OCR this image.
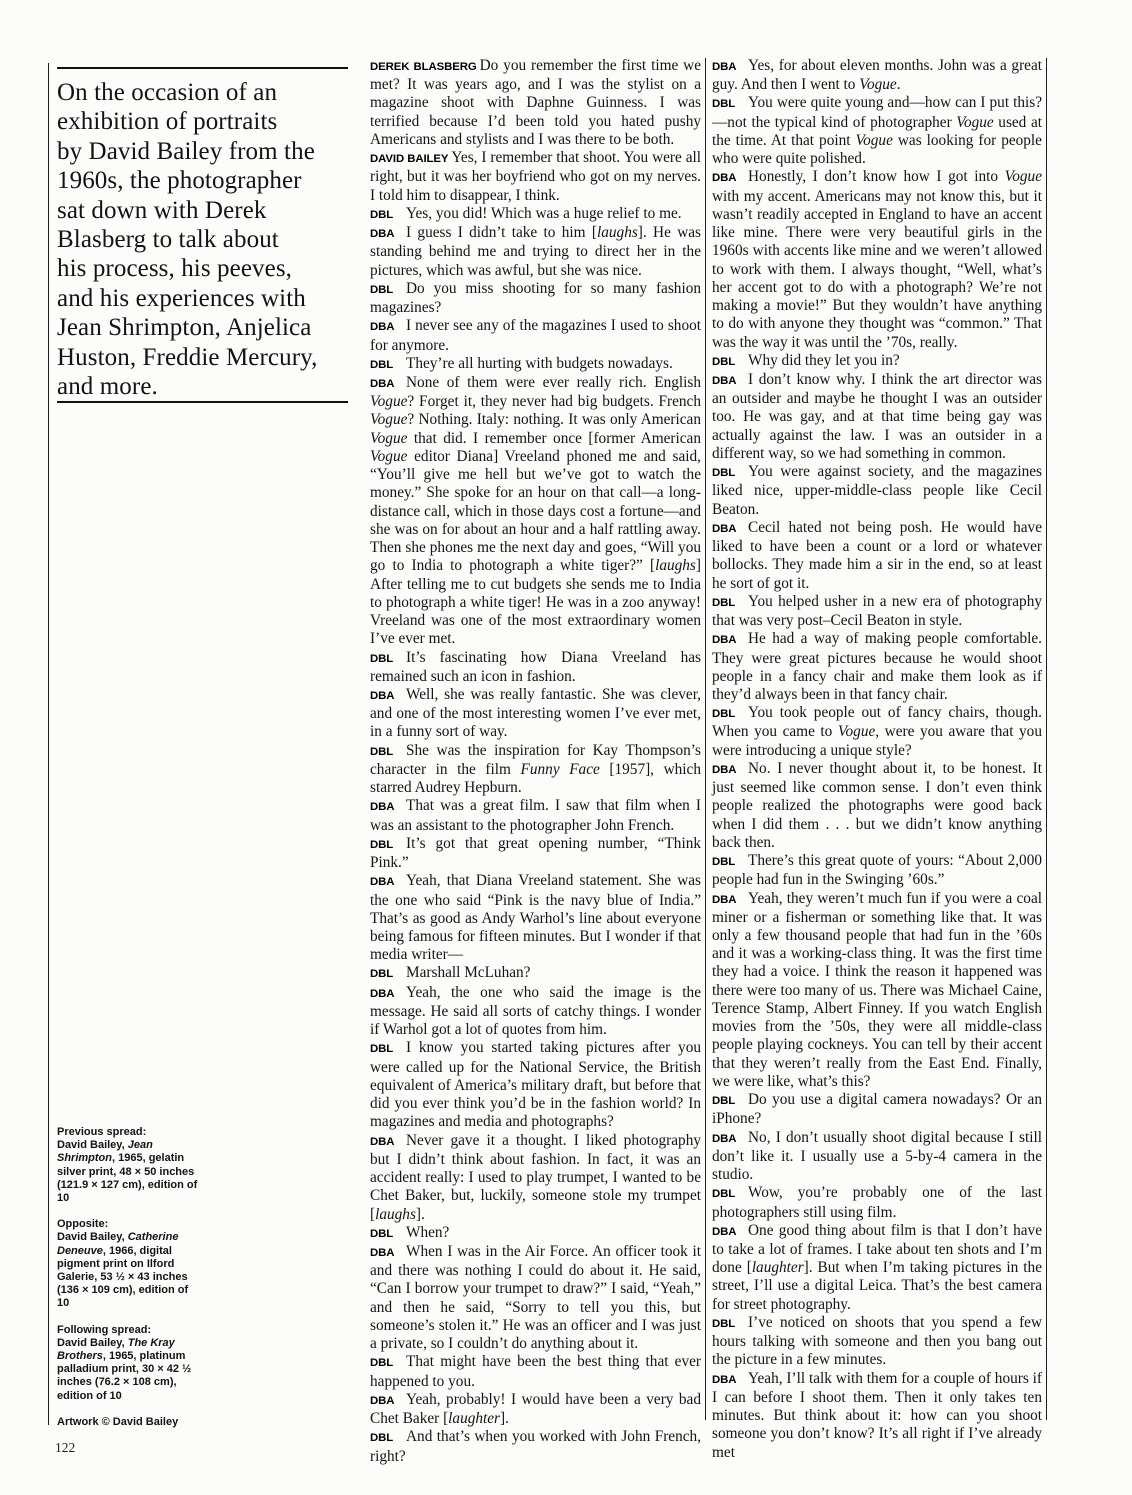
On the occasion of an
exhibition of portraits
by David Bailey from the
1960s, the photographer
sat down with Derek
Blasberg to talk about
his process, his peeves,
and his experiences with
Jean Shrimpton, Anjelica
Huston, Freddie Mercury,
and more.

Previous spread:
David Bailey, Jean Shrimpton, 1965, gelatin silver print, 48 × 50 inches (121.9 × 127 cm), edition of 10

Opposite:
David Bailey, Catherine Deneuve, 1966, digital pigment print on Ilford Galerie, 53 ½ × 43 inches (136 × 109 cm), edition of 10

Following spread:
David Bailey, The Kray Brothers, 1965, platinum palladium print, 30 × 42 ½ inches (76.2 × 108 cm), edition of 10

Artwork © David Bailey

122

DEREK BLASBERG Do you remember the first time we met? It was years ago, and I was the stylist on a magazine shoot with Daphne Guinness. I was terrified because I’d been told you hated pushy Americans and stylists and I was there to be both.

DAVID BAILEY Yes, I remember that shoot. You were all right, but it was her boyfriend who got on my nerves. I told him to disappear, I think.

DBL Yes, you did! Which was a huge relief to me.

DBA I guess I didn’t take to him [laughs]. He was standing behind me and trying to direct her in the pictures, which was awful, but she was nice.

DBL Do you miss shooting for so many fashion magazines?

DBA I never see any of the magazines I used to shoot for anymore.

DBL They’re all hurting with budgets nowadays.

DBA None of them were ever really rich. English Vogue? Forget it, they never had big budgets. French Vogue? Nothing. Italy: nothing. It was only American Vogue that did. I remember once [former American Vogue editor Diana] Vreeland phoned me and said, “You’ll give me hell but we’ve got to watch the money.” She spoke for an hour on that call—a long-distance call, which in those days cost a fortune—and she was on for about an hour and a half rattling away. Then she phones me the next day and goes, “Will you go to India to photograph a white tiger?” [laughs] After telling me to cut budgets she sends me to India to photograph a white tiger! He was in a zoo anyway! Vreeland was one of the most extraordinary women I’ve ever met.

DBL It’s fascinating how Diana Vreeland has remained such an icon in fashion.

DBA Well, she was really fantastic. She was clever, and one of the most interesting women I’ve ever met, in a funny sort of way.

DBL She was the inspiration for Kay Thompson’s character in the film Funny Face [1957], which starred Audrey Hepburn.

DBA That was a great film. I saw that film when I was an assistant to the photographer John French.

DBL It’s got that great opening number, “Think Pink.”

DBA Yeah, that Diana Vreeland statement. She was the one who said “Pink is the navy blue of India.” That’s as good as Andy Warhol’s line about everyone being famous for fifteen minutes. But I wonder if that media writer—

DBL Marshall McLuhan?

DBA Yeah, the one who said the image is the message. He said all sorts of catchy things. I wonder if Warhol got a lot of quotes from him.

DBL I know you started taking pictures after you were called up for the National Service, the British equivalent of America’s military draft, but before that did you ever think you’d be in the fashion world? In magazines and media and photographs?

DBA Never gave it a thought. I liked photography but I didn’t think about fashion. In fact, it was an accident really: I used to play trumpet, I wanted to be Chet Baker, but, luckily, someone stole my trumpet [laughs].

DBL When?

DBA When I was in the Air Force. An officer took it and there was nothing I could do about it. He said, “Can I borrow your trumpet to draw?” I said, “Yeah,” and then he said, “Sorry to tell you this, but someone’s stolen it.” He was an officer and I was just a private, so I couldn’t do anything about it.

DBL That might have been the best thing that ever happened to you.

DBA Yeah, probably! I would have been a very bad Chet Baker [laughter].

DBL And that’s when you worked with John French, right?

DBA Yes, for about eleven months. John was a great guy. And then I went to Vogue.

DBL You were quite young and—how can I put this?—not the typical kind of photographer Vogue used at the time. At that point Vogue was looking for people who were quite polished.

DBA Honestly, I don’t know how I got into Vogue with my accent. Americans may not know this, but it wasn’t readily accepted in England to have an accent like mine. There were very beautiful girls in the 1960s with accents like mine and we weren’t allowed to work with them. I always thought, “Well, what’s her accent got to do with a photograph? We’re not making a movie!” But they wouldn’t have anything to do with anyone they thought was “common.” That was the way it was until the ’70s, really.

DBL Why did they let you in?

DBA I don’t know why. I think the art director was an outsider and maybe he thought I was an outsider too. He was gay, and at that time being gay was actually against the law. I was an outsider in a different way, so we had something in common.

DBL You were against society, and the magazines liked nice, upper-middle-class people like Cecil Beaton.

DBA Cecil hated not being posh. He would have liked to have been a count or a lord or whatever bollocks. They made him a sir in the end, so at least he sort of got it.

DBL You helped usher in a new era of photography that was very post–Cecil Beaton in style.

DBA He had a way of making people comfortable. They were great pictures because he would shoot people in a fancy chair and make them look as if they’d always been in that fancy chair.

DBL You took people out of fancy chairs, though. When you came to Vogue, were you aware that you were introducing a unique style?

DBA No. I never thought about it, to be honest. It just seemed like common sense. I don’t even think people realized the photographs were good back when I did them . . . but we didn’t know anything back then.

DBL There’s this great quote of yours: “About 2,000 people had fun in the Swinging ’60s.”

DBA Yeah, they weren’t much fun if you were a coal miner or a fisherman or something like that. It was only a few thousand people that had fun in the ’60s and it was a working-class thing. It was the first time they had a voice. I think the reason it happened was there were too many of us. There was Michael Caine, Terence Stamp, Albert Finney. If you watch English movies from the ’50s, they were all middle-class people playing cockneys. You can tell by their accent that they weren’t really from the East End. Finally, we were like, what’s this?

DBL Do you use a digital camera nowadays? Or an iPhone?

DBA No, I don’t usually shoot digital because I still don’t like it. I usually use a 5-by-4 camera in the studio.

DBL Wow, you’re probably one of the last photographers still using film.

DBA One good thing about film is that I don’t have to take a lot of frames. I take about ten shots and I’m done [laughter]. But when I’m taking pictures in the street, I’ll use a digital Leica. That’s the best camera for street photography.

DBL I’ve noticed on shoots that you spend a few hours talking with someone and then you bang out the picture in a few minutes.

DBA Yeah, I’ll talk with them for a couple of hours if I can before I shoot them. Then it only takes ten minutes. But think about it: how can you shoot someone you don’t know? It’s all right if I’ve already met
